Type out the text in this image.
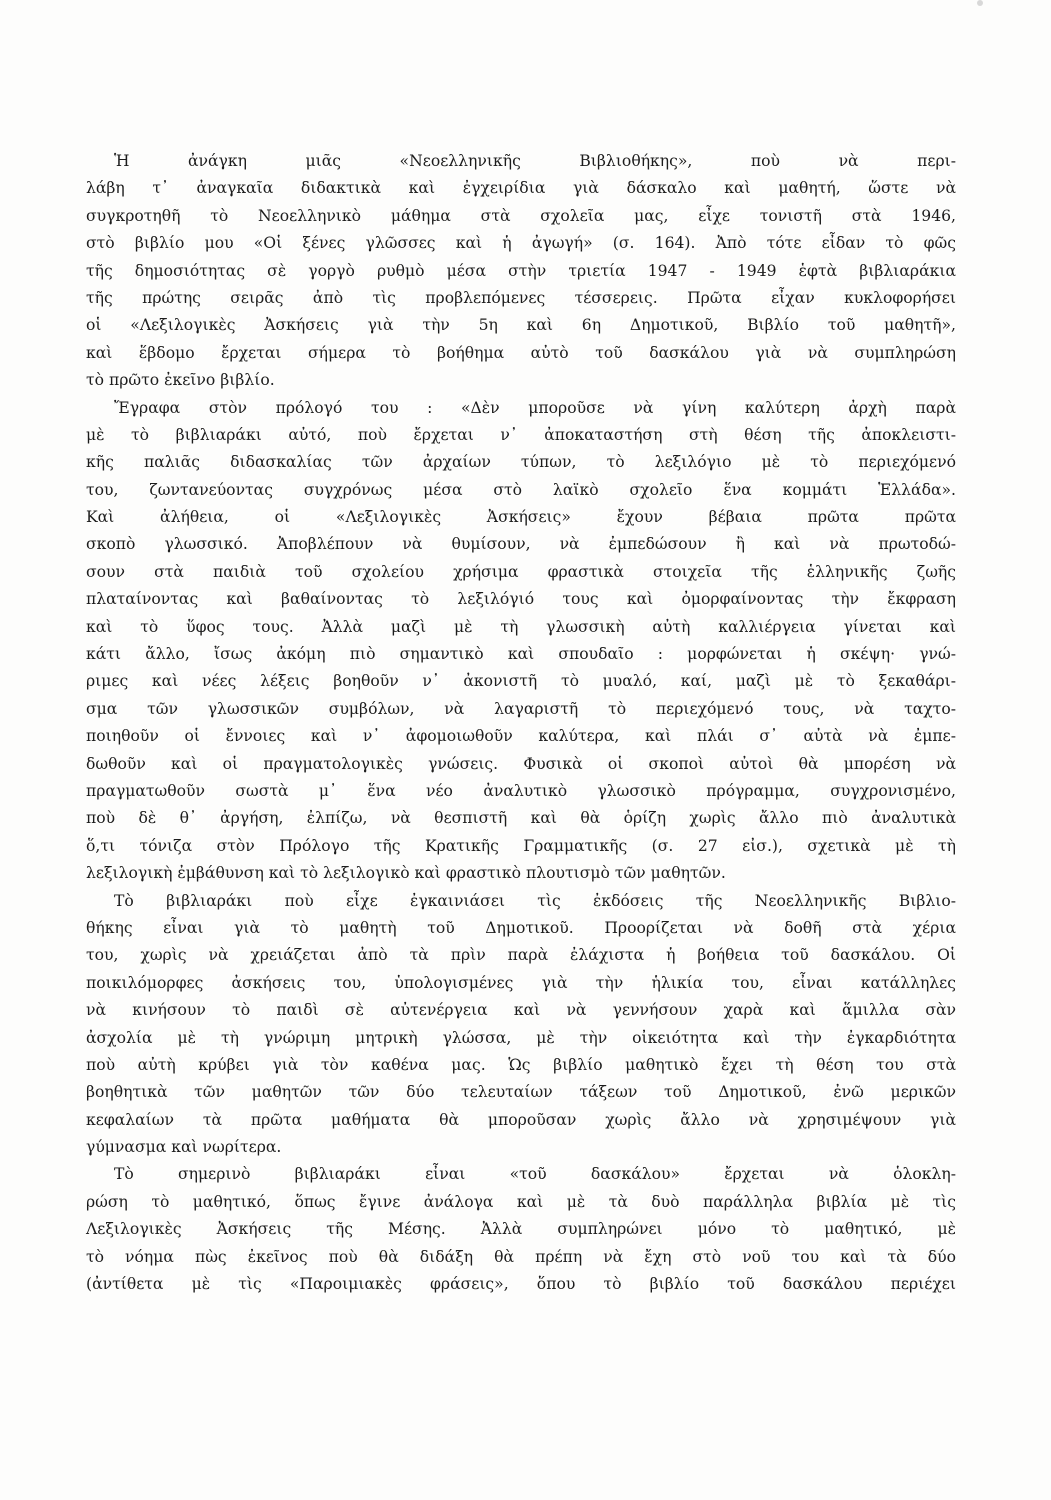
Ἡ ἀνάγκη μιᾶς «Νεοελληνικῆς Βιβλιοθήκης», ποὺ νὰ περι-
λάβη τ᾽ ἀναγκαῖα διδακτικὰ καὶ ἐγχειρίδια γιὰ δάσκαλο καὶ μαθητή, ὥστε νὰ
συγκροτηθῆ τὸ Νεοελληνικὸ μάθημα στὰ σχολεῖα μας, εἶχε τονιστῆ στὰ 1946,
στὸ βιβλίο μου «Οἱ ξένες γλῶσσες καὶ ἡ ἀγωγή» (σ. 164). Ἀπὸ τότε εἶδαν τὸ φῶς
τῆς δημοσιότητας σὲ γοργὸ ρυθμὸ μέσα στὴν τριετία 1947 - 1949 ἑφτὰ βιβλιαράκια
τῆς πρώτης σειρᾶς ἀπὸ τὶς προβλεπόμενες τέσσερεις. Πρῶτα εἶχαν κυκλοφορήσει
οἱ «Λεξιλογικὲς Ἀσκήσεις γιὰ τὴν 5η καὶ 6η Δημοτικοῦ, Βιβλίο τοῦ μαθητῆ»,
καὶ ἕβδομο ἔρχεται σήμερα τὸ βοήθημα αὐτὸ τοῦ δασκάλου γιὰ νὰ συμπληρώση
τὸ πρῶτο ἐκεῖνο βιβλίο.
Ἔγραφα στὸν πρόλογό του : «Δὲν μποροῦσε νὰ γίνη καλύτερη ἀρχὴ παρὰ
μὲ τὸ βιβλιαράκι αὐτό, ποὺ ἔρχεται ν᾽ ἀποκαταστήση στὴ θέση τῆς ἀποκλειστι-
κῆς παλιᾶς διδασκαλίας τῶν ἀρχαίων τύπων, τὸ λεξιλόγιο μὲ τὸ περιεχόμενό
του, ζωντανεύοντας συγχρόνως μέσα στὸ λαϊκὸ σχολεῖο ἕνα κομμάτι Ἑλλάδα».
Καὶ ἀλήθεια, οἱ «Λεξιλογικὲς Ἀσκήσεις» ἔχουν βέβαια πρῶτα πρῶτα
σκοπὸ γλωσσικό. Ἀποβλέπουν νὰ θυμίσουν, νὰ ἐμπεδώσουν ἢ καὶ νὰ πρωτοδώ-
σουν στὰ παιδιὰ τοῦ σχολείου χρήσιμα φραστικὰ στοιχεῖα τῆς ἑλληνικῆς ζωῆς
πλαταίνοντας καὶ βαθαίνοντας τὸ λεξιλόγιό τους καὶ ὀμορφαίνοντας τὴν ἔκφραση
καὶ τὸ ὕφος τους. Ἀλλὰ μαζὶ μὲ τὴ γλωσσικὴ αὐτὴ καλλιέργεια γίνεται καὶ
κάτι ἄλλο, ἴσως ἀκόμη πιὸ σημαντικὸ καὶ σπουδαῖο : μορφώνεται ἡ σκέψη· γνώ-
ριμες καὶ νέες λέξεις βοηθοῦν ν᾽ ἀκονιστῆ τὸ μυαλό, καί, μαζὶ μὲ τὸ ξεκαθάρι-
σμα τῶν γλωσσικῶν συμβόλων, νὰ λαγαριστῆ τὸ περιεχόμενό τους, νὰ ταχτο-
ποιηθοῦν οἱ ἔννοιες καὶ ν᾽ ἀφομοιωθοῦν καλύτερα, καὶ πλάι σ᾽ αὐτὰ νὰ ἐμπε-
δωθοῦν καὶ οἱ πραγματολογικὲς γνώσεις. Φυσικὰ οἱ σκοποὶ αὐτοὶ θὰ μπορέση νὰ
πραγματωθοῦν σωστὰ μ᾽ ἕνα νέο ἀναλυτικὸ γλωσσικὸ πρόγραμμα, συγχρονισμένο,
ποὺ δὲ θ᾽ ἀργήση, ἐλπίζω, νὰ θεσπιστῆ καὶ θὰ ὁρίζη χωρὶς ἄλλο πιὸ ἀναλυτικὰ
ὅ,τι τόνιζα στὸν Πρόλογο τῆς Κρατικῆς Γραμματικῆς (σ. 27 εἰσ.), σχετικὰ μὲ τὴ
λεξιλογικὴ ἐμβάθυνση καὶ τὸ λεξιλογικὸ καὶ φραστικὸ πλουτισμὸ τῶν μαθητῶν.
Τὸ βιβλιαράκι ποὺ εἶχε ἐγκαινιάσει τὶς ἐκδόσεις τῆς Νεοελληνικῆς Βιβλιο-
θήκης εἶναι γιὰ τὸ μαθητὴ τοῦ Δημοτικοῦ. Προορίζεται νὰ δοθῆ στὰ χέρια
του, χωρὶς νὰ χρειάζεται ἀπὸ τὰ πρὶν παρὰ ἐλάχιστα ἡ βοήθεια τοῦ δασκάλου. Οἱ
ποικιλόμορφες ἀσκήσεις του, ὑπολογισμένες γιὰ τὴν ἡλικία του, εἶναι κατάλληλες
νὰ κινήσουν τὸ παιδὶ σὲ αὐτενέργεια καὶ νὰ γεννήσουν χαρὰ καὶ ἅμιλλα σὰν
ἀσχολία μὲ τὴ γνώριμη μητρικὴ γλώσσα, μὲ τὴν οἰκειότητα καὶ τὴν ἐγκαρδιότητα
ποὺ αὐτὴ κρύβει γιὰ τὸν καθένα μας. Ὡς βιβλίο μαθητικὸ ἔχει τὴ θέση του στὰ
βοηθητικὰ τῶν μαθητῶν τῶν δύο τελευταίων τάξεων τοῦ Δημοτικοῦ, ἐνῶ μερικῶν
κεφαλαίων τὰ πρῶτα μαθήματα θὰ μποροῦσαν χωρὶς ἄλλο νὰ χρησιμέψουν γιὰ
γύμνασμα καὶ νωρίτερα.
Τὸ σημερινὸ βιβλιαράκι εἶναι «τοῦ δασκάλου» ἔρχεται νὰ ὁλοκλη-
ρώση τὸ μαθητικό, ὅπως ἔγινε ἀνάλογα καὶ μὲ τὰ δυὸ παράλληλα βιβλία μὲ τὶς
Λεξιλογικὲς Ἀσκήσεις τῆς Μέσης. Ἀλλὰ συμπληρώνει μόνο τὸ μαθητικό, μὲ
τὸ νόημα πὼς ἐκεῖνος ποὺ θὰ διδάξη θὰ πρέπη νὰ ἔχη στὸ νοῦ του καὶ τὰ δύο
(ἀντίθετα μὲ τὶς «Παροιμιακὲς φράσεις», ὅπου τὸ βιβλίο τοῦ δασκάλου περιέχει
